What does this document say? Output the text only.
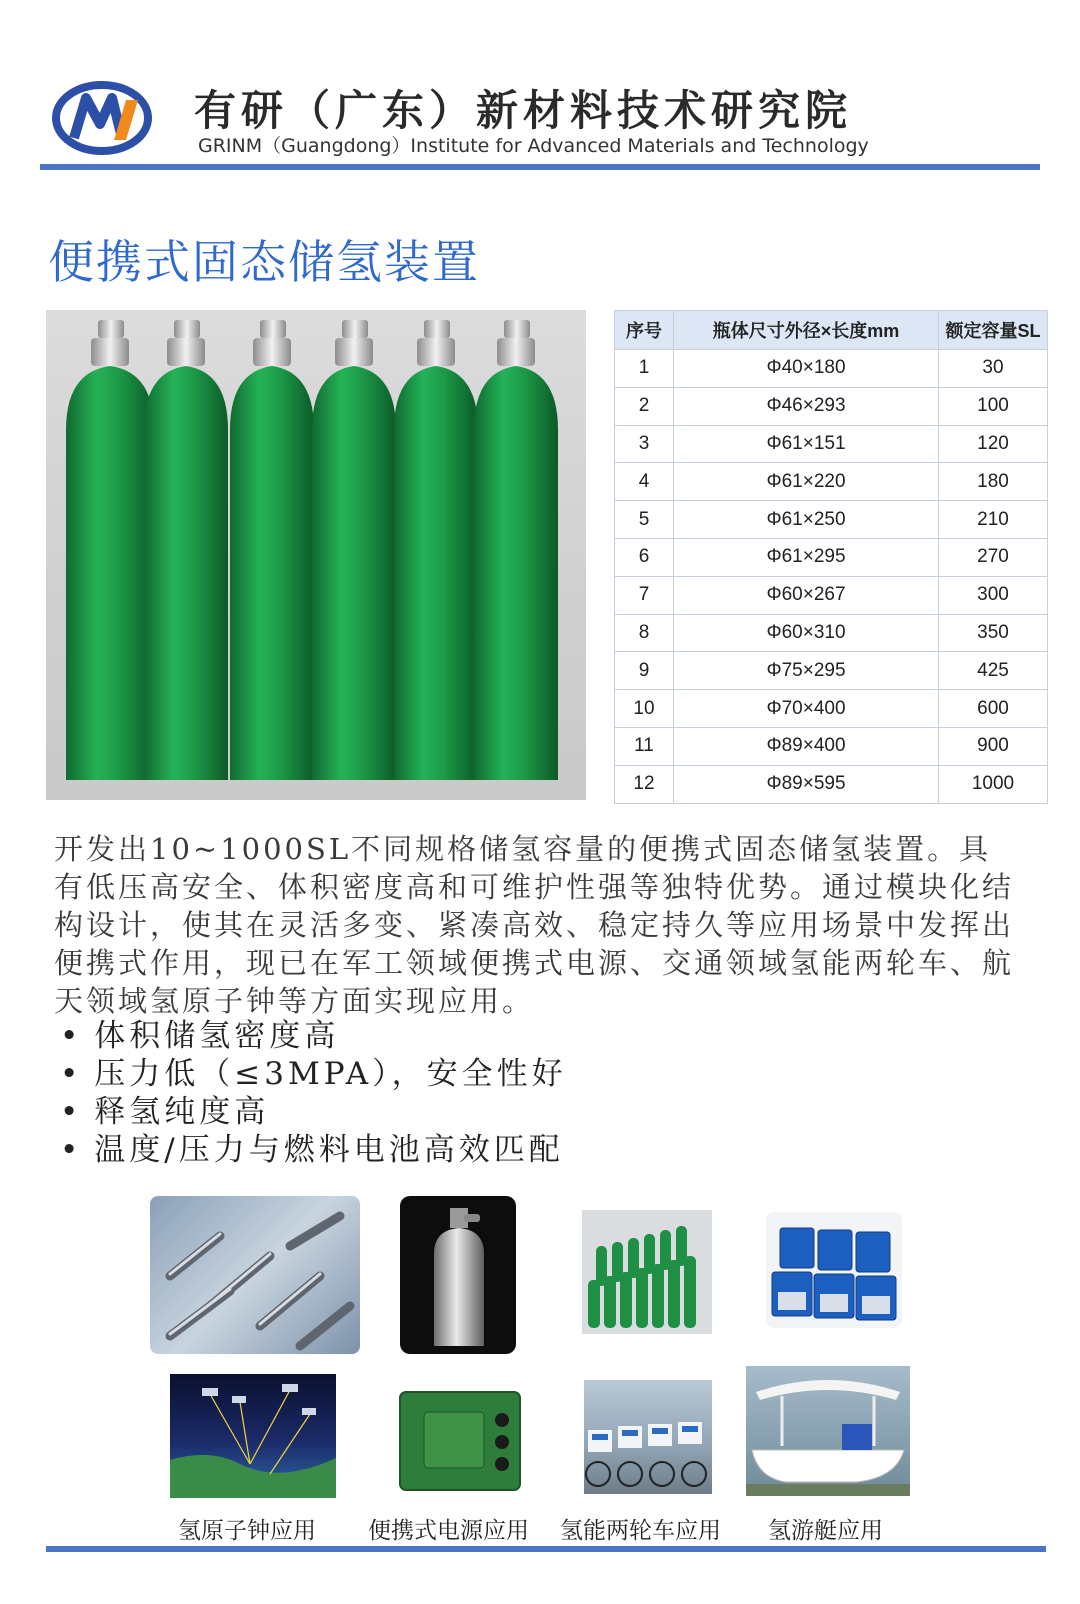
有研（广东）新材料技术研究院
GRINM（Guangdong）Institute for Advanced Materials and Technology
便携式固态储氢装置
序号	瓶体尺寸外径×长度mm	额定容量SL
1	Φ40×180	30
2	Φ46×293	100
3	Φ61×151	120
4	Φ61×220	180
5	Φ61×250	210
6	Φ61×295	270
7	Φ60×267	300
8	Φ60×310	350
9	Φ75×295	425
10	Φ70×400	600
11	Φ89×400	900
12	Φ89×595	1000
开发出10~1000SL不同规格储氢容量的便携式固态储氢装置。具有低压高安全、体积密度高和可维护性强等独特优势。通过模块化结构设计，使其在灵活多变、紧凑高效、稳定持久等应用场景中发挥出便携式作用，现已在军工领域便携式电源、交通领域氢能两轮车、航天领域氢原子钟等方面实现应用。
• 体积储氢密度高
• 压力低（≤3MPA），安全性好
• 释氢纯度高
• 温度/压力与燃料电池高效匹配
氢原子钟应用 便携式电源应用 氢能两轮车应用 氢游艇应用
